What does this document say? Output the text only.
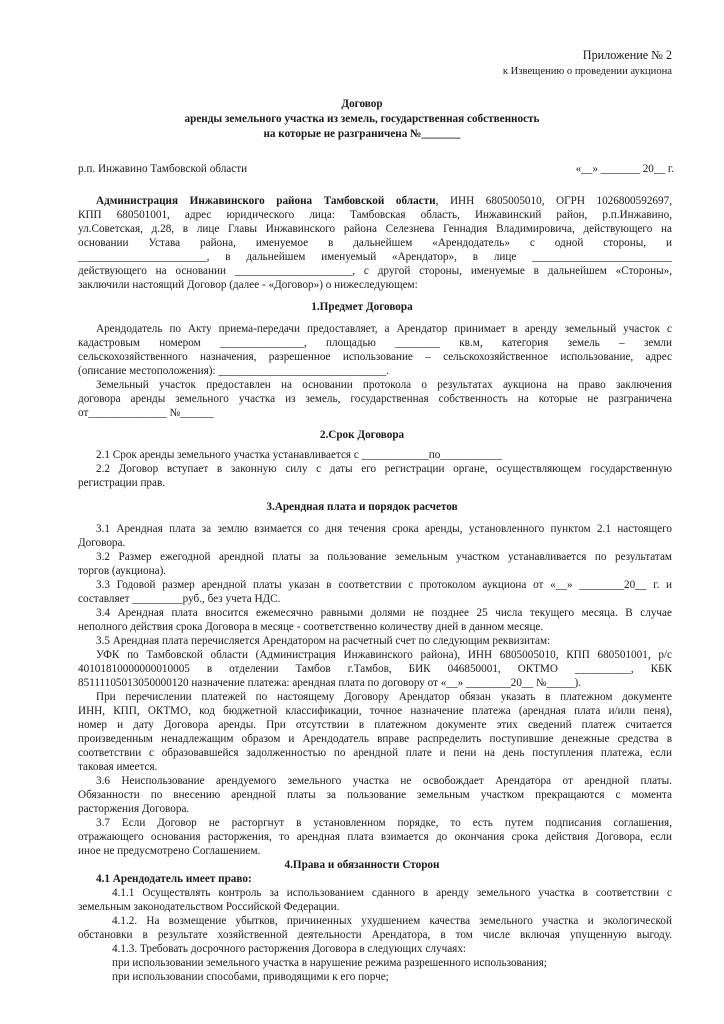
Приложение № 2
к Извещению о проведении аукциона
Договор
аренды земельного участка из земель, государственная собственность
на которые не разграничена №_______
р.п. Инжавино Тамбовской области	«__» _______ 20__ г.
Администрация Инжавинского района Тамбовской области, ИНН 6805005010, ОГРН 1026800592697,
КПП 680501001, адрес юридического лица: Тамбовская область, Инжавинский район, р.п.Инжавино,
ул.Советская, д.28, в лице Главы Инжавинского района Селезнева Геннадия Владимировича, действующего на
основании Устава района, именуемое в дальнейшем «Арендодатель» с одной стороны, и
_______________________, в дальнейшем именуемый «Арендатор», в лице _________________________
действующего на основании _____________________, с другой стороны, именуемые в дальнейшем «Стороны»,
заключили настоящий Договор (далее - «Договор») о нижеследующем:
1.Предмет Договора
Арендодатель по Акту приема-передачи предоставляет, а Арендатор принимает в аренду земельный участок с
кадастровым номером _______________, площадью ________ кв.м, категория земель – земли
сельскохозяйственного назначения, разрешенное использование – сельскохозяйственное использование, адрес
(описание местоположения): ______________________________.
Земельный участок предоставлен на основании протокола о результатах аукциона на право заключения
договора аренды земельного участка из земель, государственная собственность на которые не разграничена
от______________ №______
2.Срок Договора
2.1 Срок аренды земельного участка устанавливается с ____________по___________
2.2 Договор вступает в законную силу с даты его регистрации органе, осуществляющем государственную
регистрации прав.
3.Арендная плата и порядок расчетов
3.1 Арендная плата за землю взимается со дня течения срока аренды, установленного пунктом 2.1 настоящего
Договора.
3.2 Размер ежегодной арендной платы за пользование земельным участком устанавливается по результатам
торгов (аукциона).
3.3 Годовой размер арендной платы указан в соответствии с протоколом аукциона от «__» ________20__ г. и
составляет _________руб., без учета НДС.
3.4 Арендная плата вносится ежемесячно равными долями не позднее 25 числа текущего месяца. В случае
неполного действия срока Договора в месяце - соответственно количеству дней в данном месяце.
3.5 Арендная плата перечисляется Арендатором на расчетный счет по следующим реквизитам:
УФК по Тамбовской области (Администрация Инжавинского района), ИНН 6805005010, КПП 680501001, р/с
40101810000000010005 в отделении Тамбов г.Тамбов, БИК 046850001, ОКТМО __________, КБК
85111105013050000120 назначение платежа: арендная плата по договору от «__» ________20__ №_____).
При перечислении платежей по настоящему Договору Арендатор обязан указать в платежном документе
ИНН, КПП, ОКТМО, код бюджетной классификации, точное назначение платежа (арендная плата и/или пеня),
номер и дату Договора аренды. При отсутствии в платежном документе этих сведений платеж считается
произведенным ненадлежащим образом и Арендодатель вправе распределить поступившие денежные средства в
соответствии с образовавшейся задолженностью по арендной плате и пени на день поступления платежа, если
таковая имеется.
3.6 Неиспользование арендуемого земельного участка не освобождает Арендатора от арендной платы.
Обязанности по внесению арендной платы за пользование земельным участком прекращаются с момента
расторжения Договора.
3.7 Если Договор не расторгнут в установленном порядке, то есть путем подписания соглашения,
отражающего основания расторжения, то арендная плата взимается до окончания срока действия Договора, если
иное не предусмотрено Соглашением.
4.Права и обязанности Сторон
4.1 Арендодатель имеет право:
4.1.1 Осуществлять контроль за использованием сданного в аренду земельного участка в соответствии с
земельным законодательством Российской Федерации.
4.1.2. На возмещение убытков, причиненных ухудшением качества земельного участка и экологической
обстановки в результате хозяйственной деятельности Арендатора, в том числе включая упущенную выгоду.
4.1.3. Требовать досрочного расторжения Договора в следующих случаях:
при использовании земельного участка в нарушение режима разрешенного использования;
при использовании способами, приводящими к его порче;
